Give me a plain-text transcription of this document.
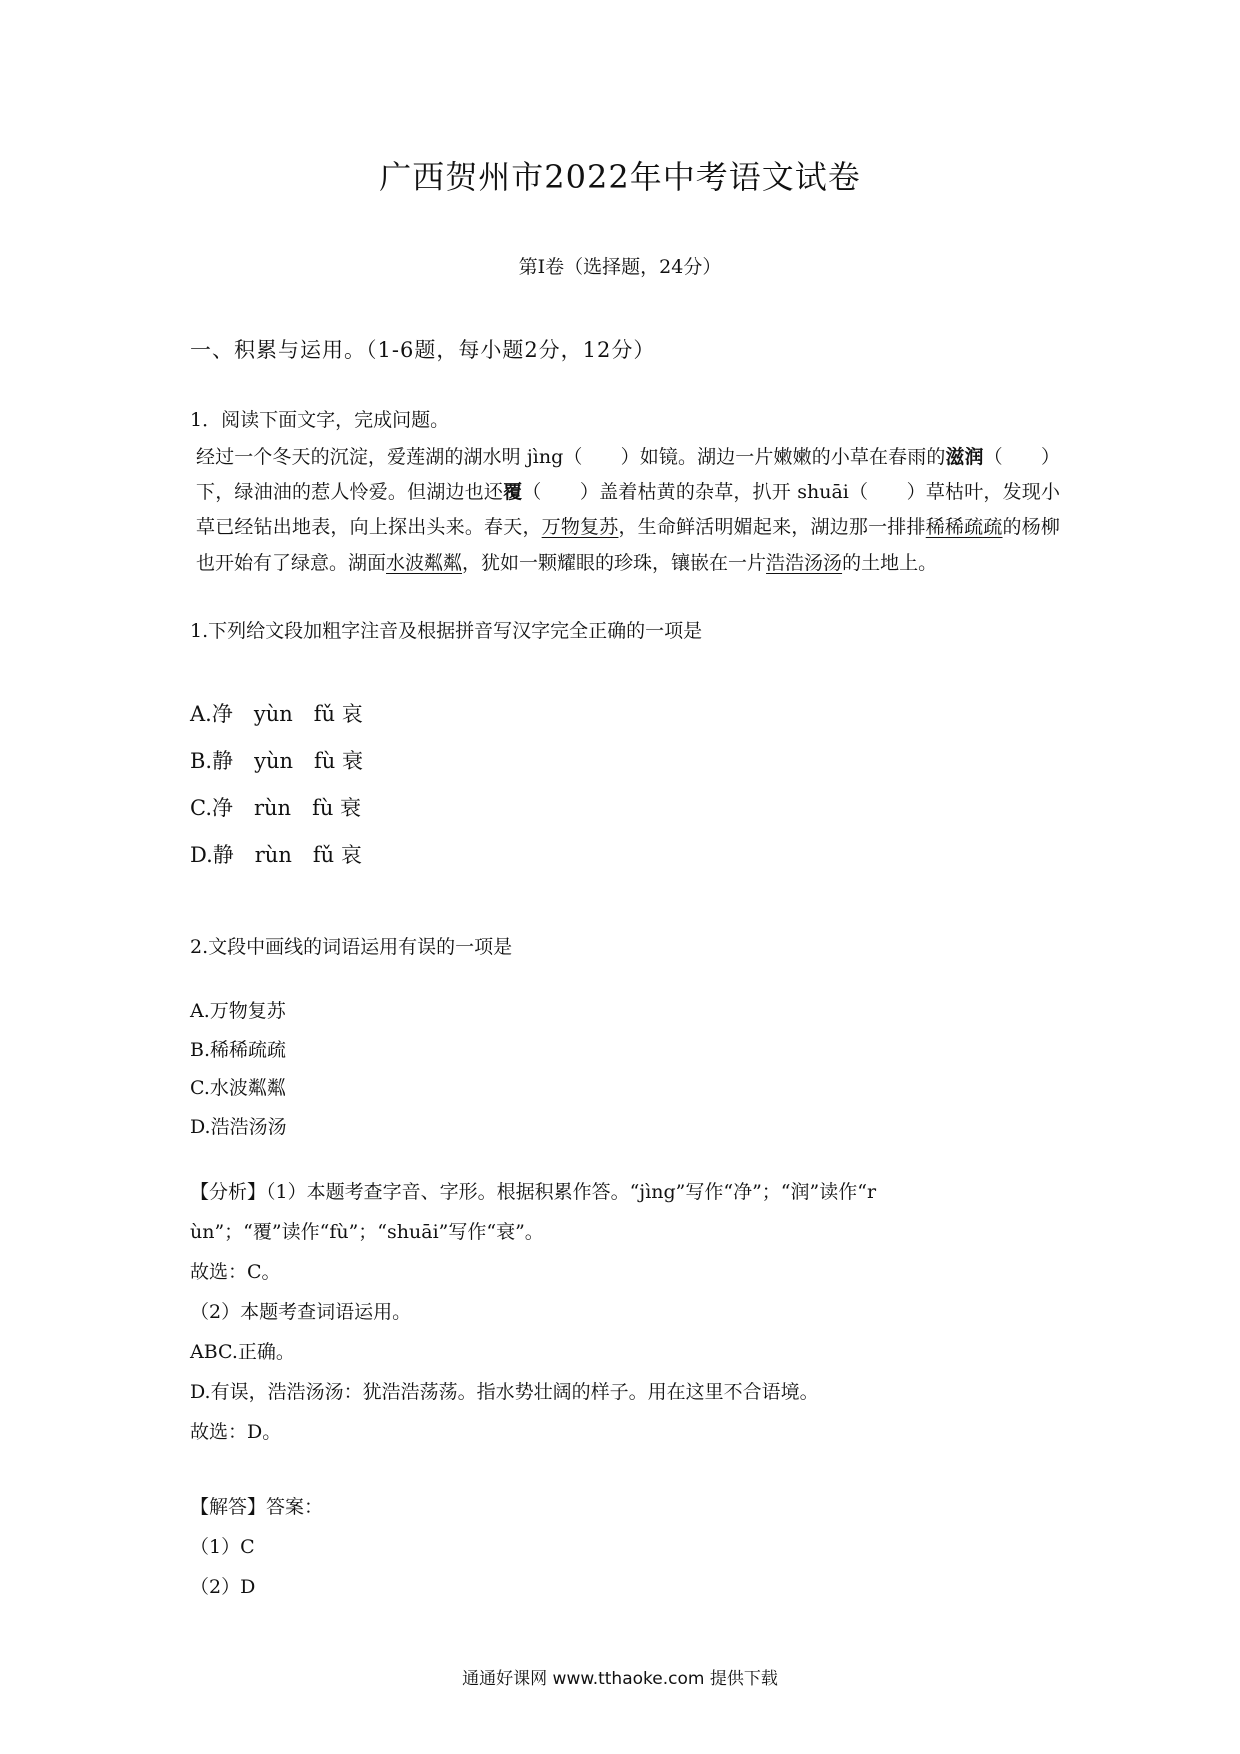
广西贺州市2022年中考语文试卷
第I卷（选择题，24分）
一、积累与运用。（1-6题，每小题2分，12分）
1．阅读下面文字，完成问题。

经过一个冬天的沉淀，爱莲湖的湖水明 jìng（　　）如镜。湖边一片嫩嫩的小草在春雨的滋润（　　）下，绿油油的惹人怜爱。但湖边也还覆（　　）盖着枯黄的杂草，扒开 shuāi（　　）草枯叶，发现小草已经钻出地表，向上探出头来。春天，万物复苏，生命鲜活明媚起来，湖边那一排排稀稀疏疏的杨柳也开始有了绿意。湖面水波粼粼，犹如一颗耀眼的珍珠，镶嵌在一片浩浩汤汤的土地上。

1.下列给文段加粗字注音及根据拼音写汉字完全正确的一项是
A.净　yùn　fǔ 哀
B.静　yùn　fù 衰
C.净　rùn　fù 衰
D.静　rùn　fǔ 哀
2.文段中画线的词语运用有误的一项是
A.万物复苏
B.稀稀疏疏
C.水波粼粼
D.浩浩汤汤
【分析】（1）本题考查字音、字形。根据积累作答。“jìng”写作“净”；“润”读作“r
ùn”；“覆”读作“fù”；“shuāi”写作“衰”。
故选：C。
（2）本题考查词语运用。
ABC.正确。
D.有误，浩浩汤汤：犹浩浩荡荡。指水势壮阔的样子。用在这里不合语境。
故选：D。
【解答】答案：
（1）C
（2）D
通通好课网 www.tthaoke.com 提供下载
